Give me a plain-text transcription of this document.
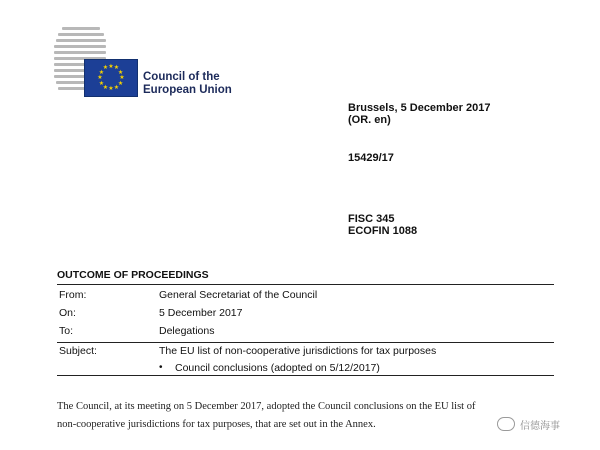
★ ★
★
★
★
★
★
★
★
★
★
★
Council of the
European Union
Brussels, 5 December 2017
(OR. en)
15429/17
FISC 345
ECOFIN 1088
OUTCOME OF PROCEEDINGS
From:	General Secretariat of the Council
On:	5 December 2017
To:	Delegations
Subject:	The EU list of non-cooperative jurisdictions for tax purposes
•	Council conclusions (adopted on 5/12/2017)
The Council, at its meeting on 5 December 2017, adopted the Council conclusions on the EU list of
non-cooperative jurisdictions for tax purposes, that are set out in the Annex.	信德海事
